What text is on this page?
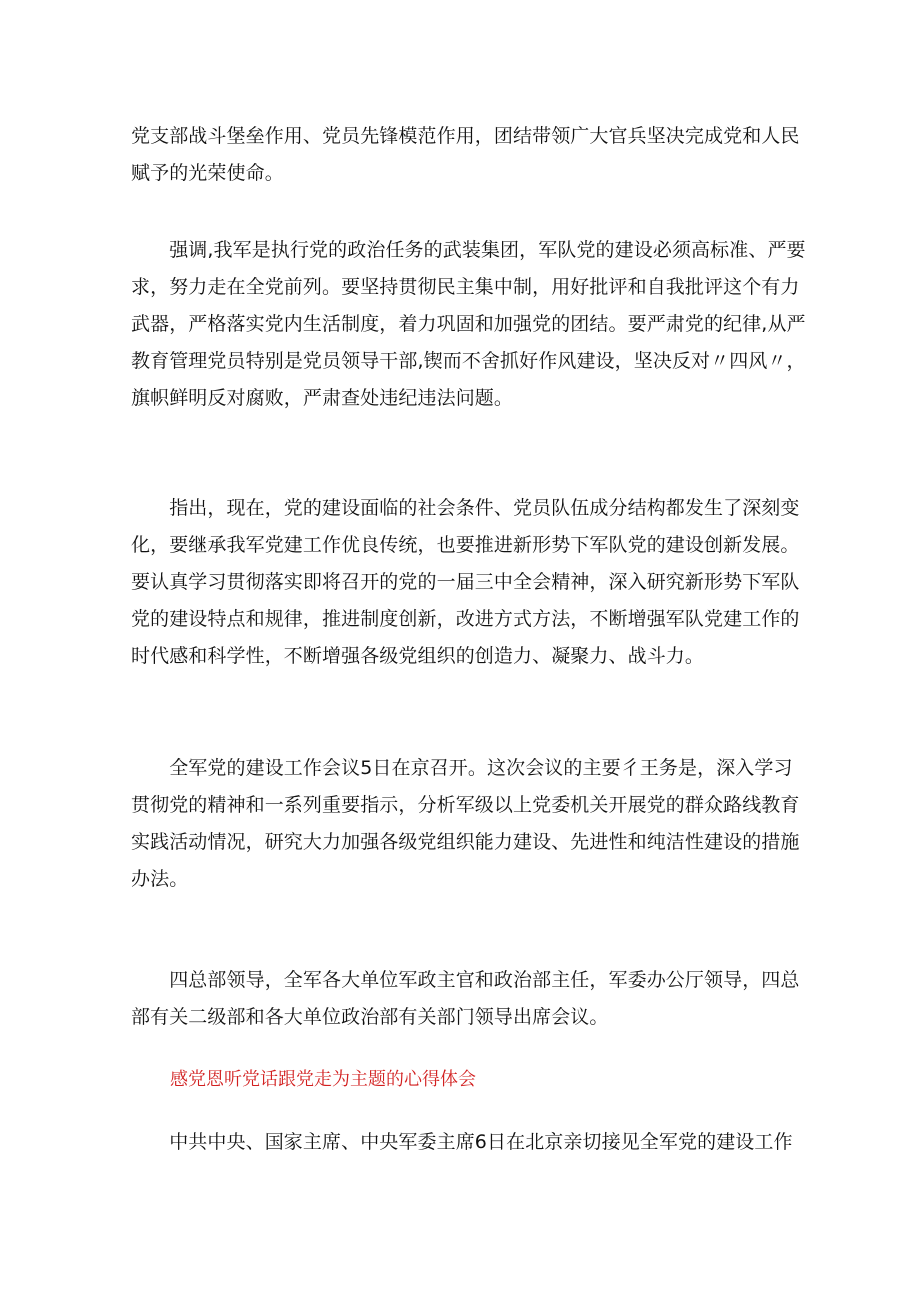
党支部战斗堡垒作用、党员先锋模范作用，团结带领广大官兵坚决完成党和人民
赋予的光荣使命。
　　强调,我军是执行党的政治任务的武装集团，军队党的建设必须高标准、严要
求，努力走在全党前列。要坚持贯彻民主集中制，用好批评和自我批评这个有力
武器，严格落实党内生活制度，着力巩固和加强党的团结。要严肃党的纪律,从严
教育管理党员特别是党员领导干部,锲而不舍抓好作风建设，坚决反对〃四风〃，
旗帜鲜明反对腐败，严肃查处违纪违法问题。
　　指出，现在，党的建设面临的社会条件、党员队伍成分结构都发生了深刻变
化，要继承我军党建工作优良传统，也要推进新形势下军队党的建设创新发展。
要认真学习贯彻落实即将召开的党的一届三中全会精神，深入研究新形势下军队
党的建设特点和规律，推进制度创新，改进方式方法，不断增强军队党建工作的
时代感和科学性，不断增强各级党组织的创造力、凝聚力、战斗力。
　　全军党的建设工作会议5日在京召开。这次会议的主要彳王务是，深入学习
贯彻党的精神和一系列重要指示，分析军级以上党委机关开展党的群众路线教育
实践活动情况，研究大力加强各级党组织能力建设、先进性和纯洁性建设的措施
办法。
　　四总部领导，全军各大单位军政主官和政治部主任，军委办公厅领导，四总
部有关二级部和各大单位政治部有关部门领导出席会议。

感党恩听党话跟党走为主题的心得体会

　　中共中央、国家主席、中央军委主席6日在北京亲切接见全军党的建设工作
